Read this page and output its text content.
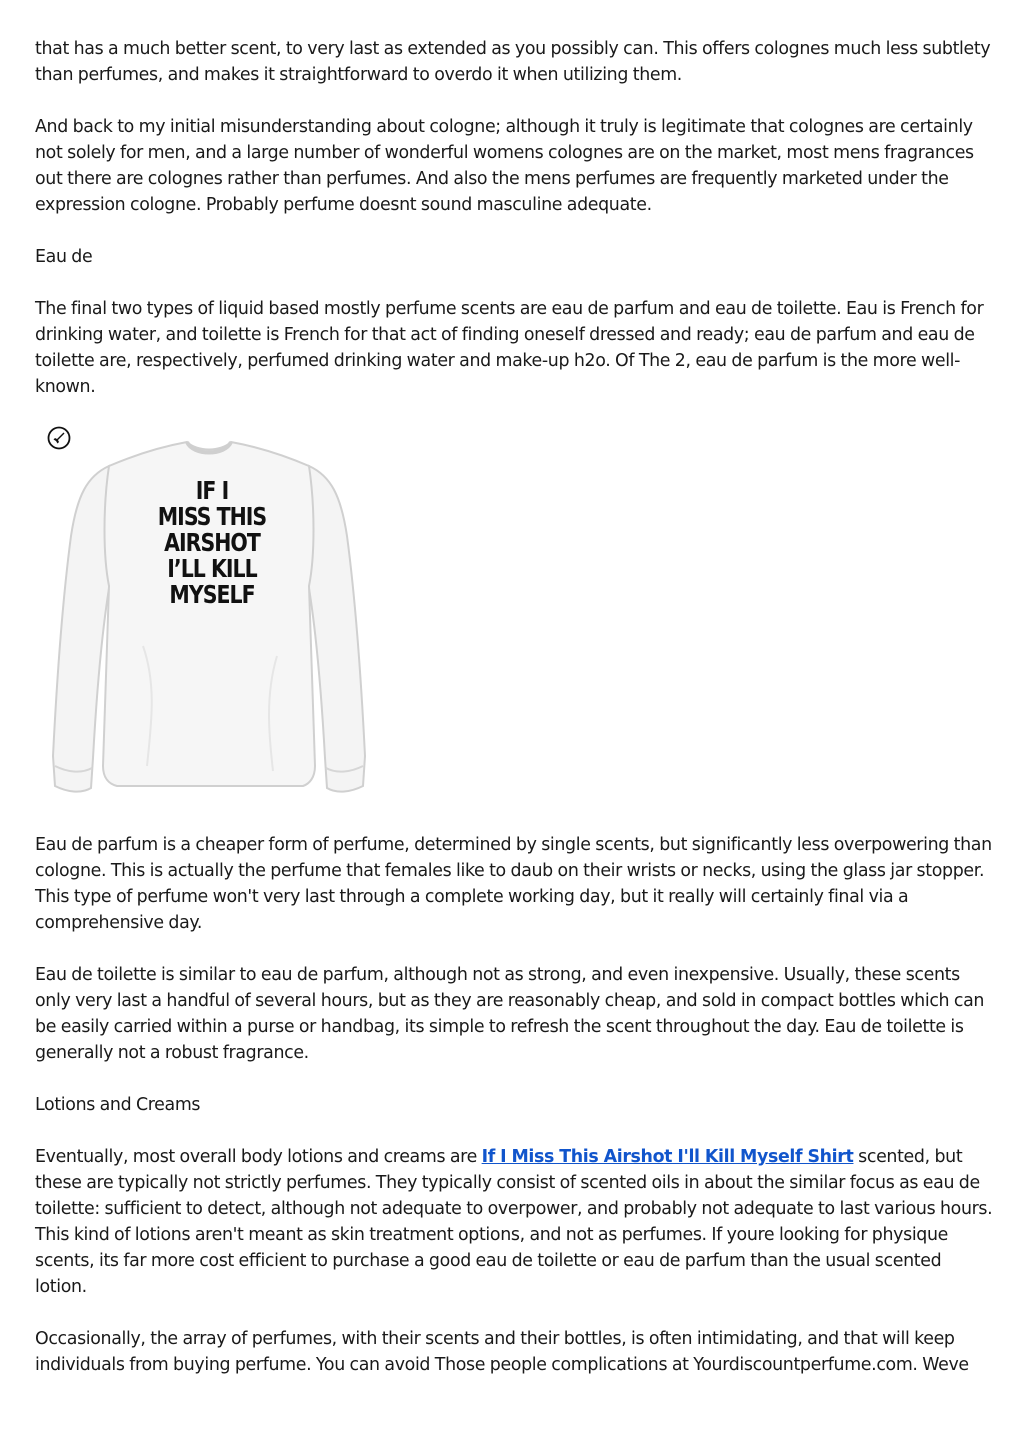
that has a much better scent, to very last as extended as you possibly can. This offers colognes much less subtlety than perfumes, and makes it straightforward to overdo it when utilizing them.

And back to my initial misunderstanding about cologne; although it truly is legitimate that colognes are certainly not solely for men, and a large number of wonderful womens colognes are on the market, most mens fragrances out there are colognes rather than perfumes. And also the mens perfumes are frequently marketed under the expression cologne. Probably perfume doesnt sound masculine adequate.

Eau de

The final two types of liquid based mostly perfume scents are eau de parfum and eau de toilette. Eau is French for drinking water, and toilette is French for that act of finding oneself dressed and ready; eau de parfum and eau de toilette are, respectively, perfumed drinking water and make-up h2o. Of The 2, eau de parfum is the more well-known.

IF I
MISS THIS
AIRSHOT
I’LL KILL
MYSELF

Eau de parfum is a cheaper form of perfume, determined by single scents, but significantly less overpowering than cologne. This is actually the perfume that females like to daub on their wrists or necks, using the glass jar stopper. This type of perfume won't very last through a complete working day, but it really will certainly final via a comprehensive day.

Eau de toilette is similar to eau de parfum, although not as strong, and even inexpensive. Usually, these scents only very last a handful of several hours, but as they are reasonably cheap, and sold in compact bottles which can be easily carried within a purse or handbag, its simple to refresh the scent throughout the day. Eau de toilette is generally not a robust fragrance.

Lotions and Creams

Eventually, most overall body lotions and creams are If I Miss This Airshot I'll Kill Myself Shirt scented, but these are typically not strictly perfumes. They typically consist of scented oils in about the similar focus as eau de toilette: sufficient to detect, although not adequate to overpower, and probably not adequate to last various hours. This kind of lotions aren't meant as skin treatment options, and not as perfumes. If youre looking for physique scents, its far more cost efficient to purchase a good eau de toilette or eau de parfum than the usual scented lotion.

Occasionally, the array of perfumes, with their scents and their bottles, is often intimidating, and that will keep individuals from buying perfume. You can avoid Those people complications at Yourdiscountperfume.com. Weve
